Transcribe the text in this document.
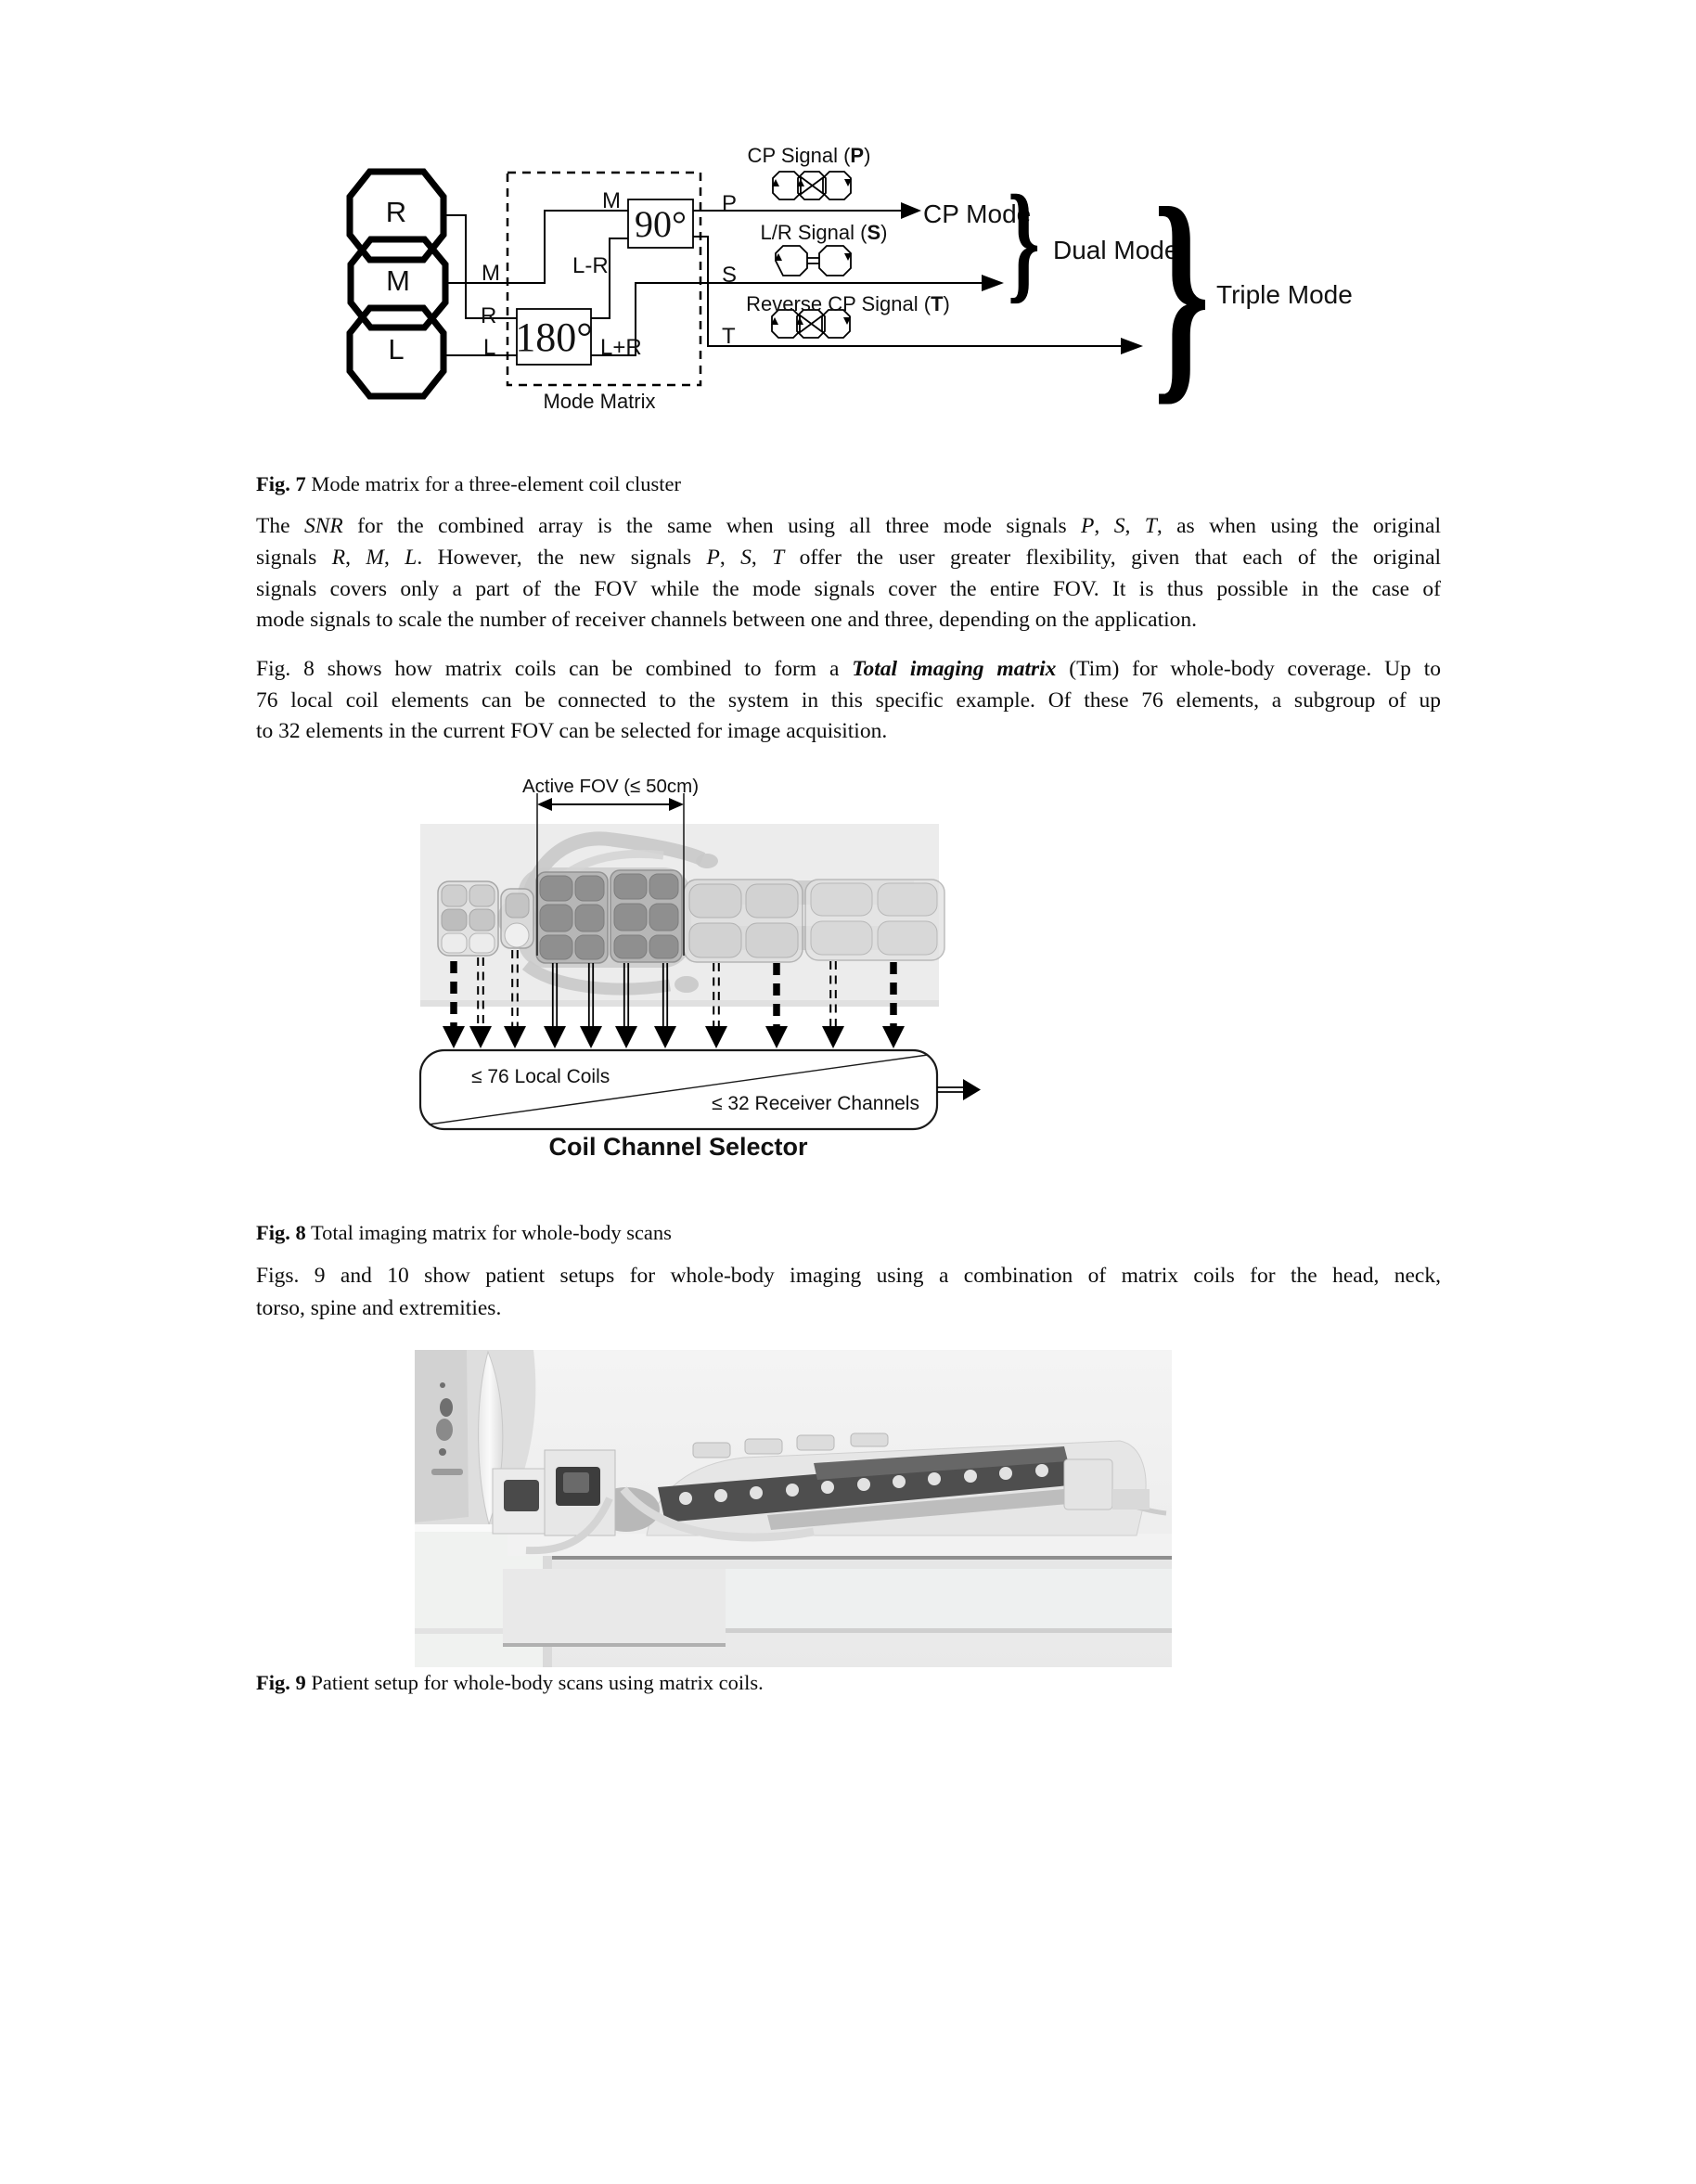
R
M
L
M
R
L
M
L-R
L+R
P
S
T
90°
180°
Mode Matrix
CP Signal (P)
L/R Signal (S)
Reverse CP Signal (T)
CP Mode
Dual Mode
Triple Mode
} }
Fig. 7 Mode matrix for a three-element coil cluster
The SNR for the combined array is the same when using all three mode signals P, S, T, as when using the original
signals R, M, L. However, the new signals P, S, T offer the user greater flexibility, given that each of the original
signals covers only a part of the FOV while the mode signals cover the entire FOV. It is thus possible in the case of
mode signals to scale the number of receiver channels between one and three, depending on the application.
Fig. 8 shows how matrix coils can be combined to form a Total imaging matrix (Tim) for whole-body coverage. Up to
76 local coil elements can be connected to the system in this specific example. Of these 76 elements, a subgroup of up
to 32 elements in the current FOV can be selected for image acquisition.
Active FOV (≤ 50cm)
≤ 76 Local Coils
≤ 32 Receiver Channels
Coil Channel Selector
Fig. 8 Total imaging matrix for whole-body scans
Figs. 9 and 10 show patient setups for whole-body imaging using a combination of matrix coils for the head, neck,
torso, spine and extremities.
Fig. 9 Patient setup for whole-body scans using matrix coils.
